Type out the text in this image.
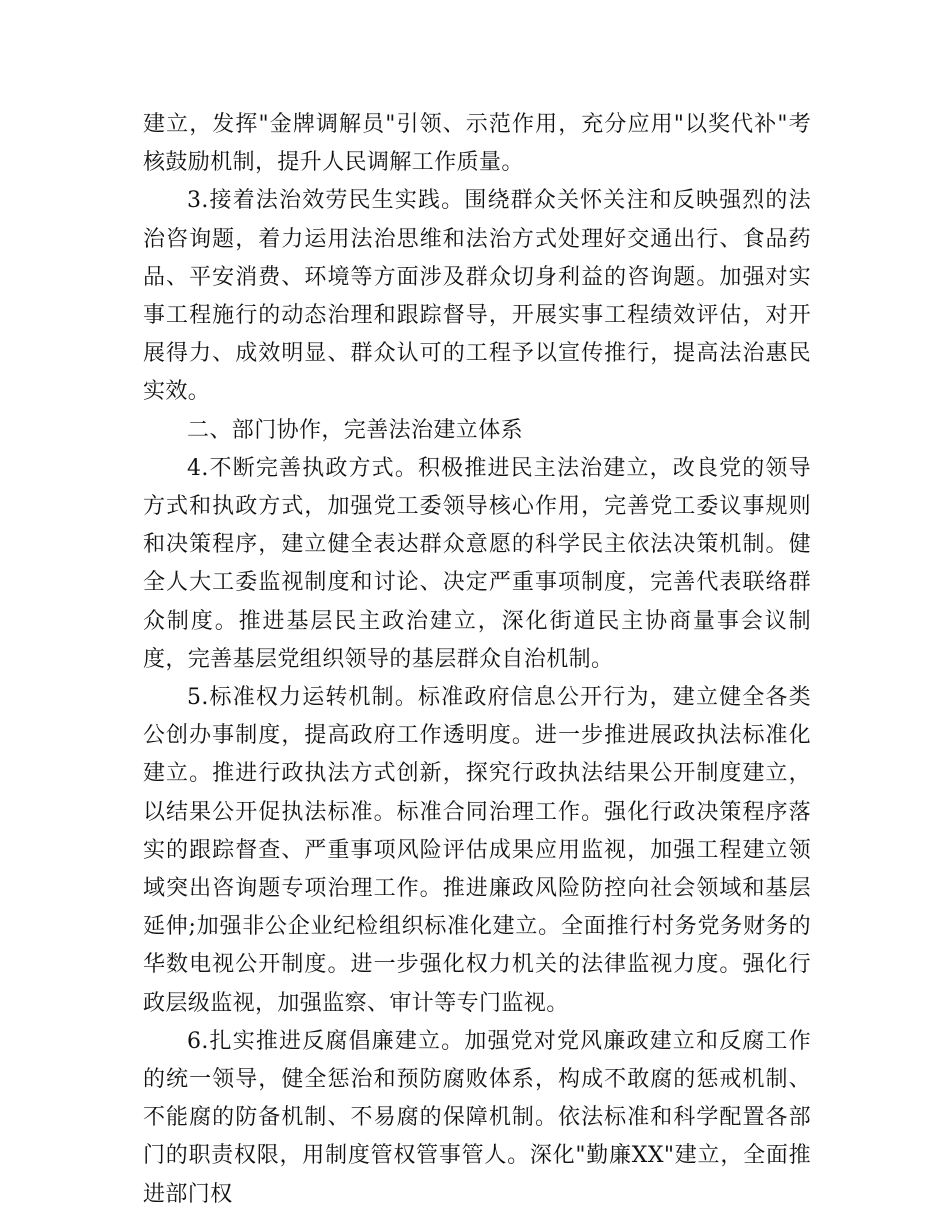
建立，发挥"金牌调解员"引领、示范作用，充分应用"以奖代补"考核鼓励机制，提升人民调解工作质量。

3.接着法治效劳民生实践。围绕群众关怀关注和反映强烈的法治咨询题，着力运用法治思维和法治方式处理好交通出行、食品药品、平安消费、环境等方面涉及群众切身利益的咨询题。加强对实事工程施行的动态治理和跟踪督导，开展实事工程绩效评估，对开展得力、成效明显、群众认可的工程予以宣传推行，提高法治惠民实效。

二、部门协作，完善法治建立体系

4.不断完善执政方式。积极推进民主法治建立，改良党的领导方式和执政方式，加强党工委领导核心作用，完善党工委议事规则和决策程序，建立健全表达群众意愿的科学民主依法决策机制。健全人大工委监视制度和讨论、决定严重事项制度，完善代表联络群众制度。推进基层民主政治建立，深化街道民主协商量事会议制度，完善基层党组织领导的基层群众自治机制。

5.标准权力运转机制。标准政府信息公开行为，建立健全各类公创办事制度，提高政府工作透明度。进一步推进展政执法标准化建立。推进行政执法方式创新，探究行政执法结果公开制度建立，以结果公开促执法标准。标准合同治理工作。强化行政决策程序落实的跟踪督查、严重事项风险评估成果应用监视，加强工程建立领域突出咨询题专项治理工作。推进廉政风险防控向社会领域和基层延伸;加强非公企业纪检组织标准化建立。全面推行村务党务财务的华数电视公开制度。进一步强化权力机关的法律监视力度。强化行政层级监视，加强监察、审计等专门监视。

6.扎实推进反腐倡廉建立。加强党对党风廉政建立和反腐工作的统一领导，健全惩治和预防腐败体系，构成不敢腐的惩戒机制、不能腐的防备机制、不易腐的保障机制。依法标准和科学配置各部门的职责权限，用制度管权管事管人。深化"勤廉XX"建立，全面推进部门权
